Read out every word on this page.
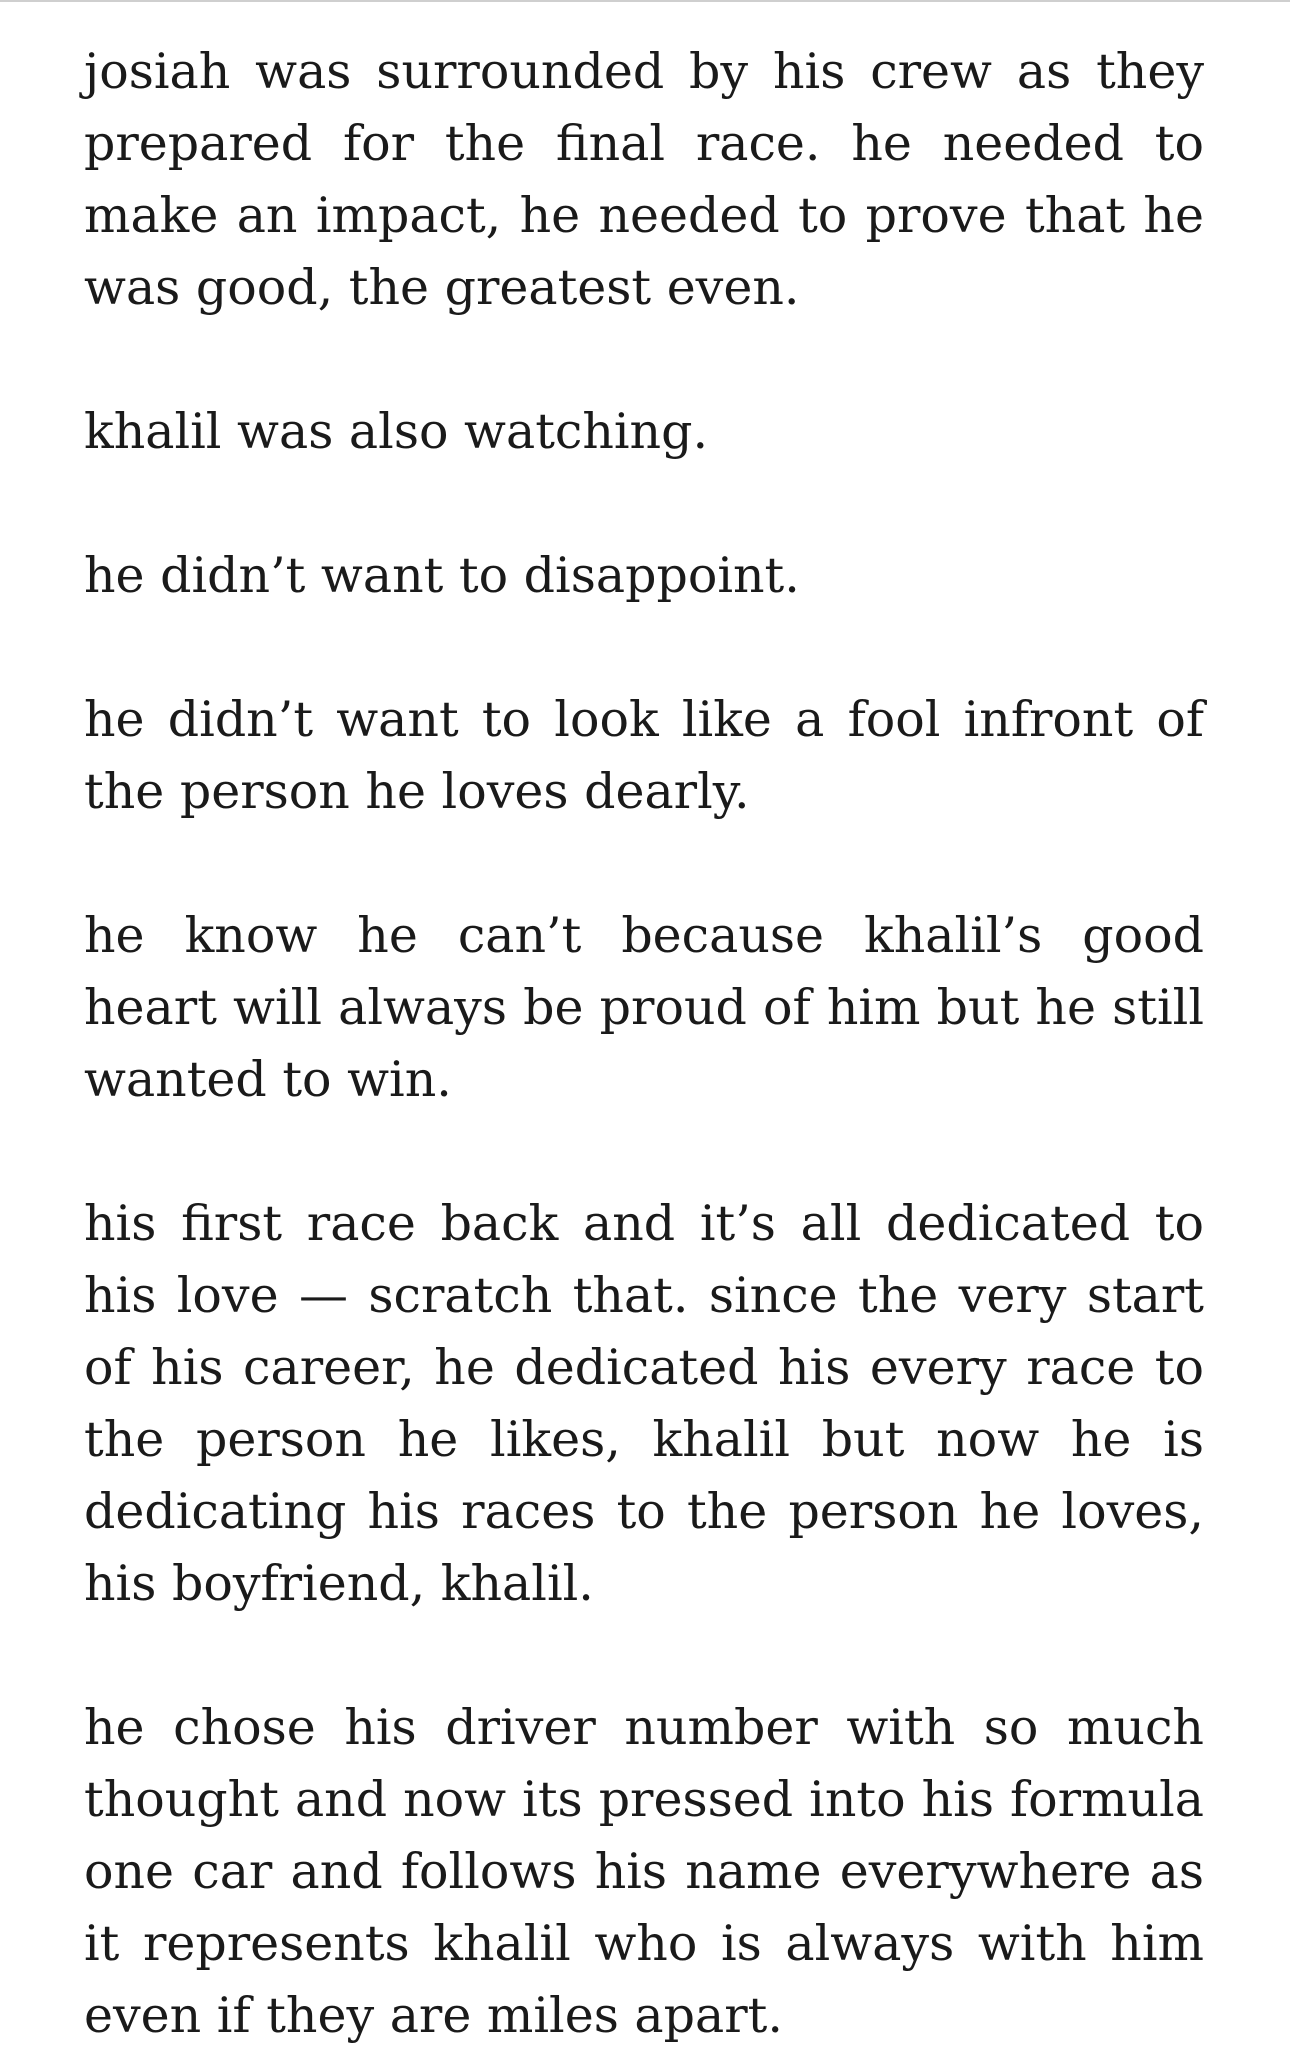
josiah was surrounded by his crew as they prepared for the final race. he needed to make an impact, he needed to prove that he was good, the greatest even.

khalil was also watching.

he didn’t want to disappoint.

he didn’t want to look like a fool infront of the person he loves dearly.

he know he can’t because khalil’s good heart will always be proud of him but he still wanted to win.

his first race back and it’s all dedicated to his love — scratch that. since the very start of his career, he dedicated his every race to the person he likes, khalil but now he is dedicating his races to the person he loves, his boyfriend, khalil.

he chose his driver number with so much thought and now its pressed into his formula one car and follows his name everywhere as it represents khalil who is always with him even if they are miles apart.
